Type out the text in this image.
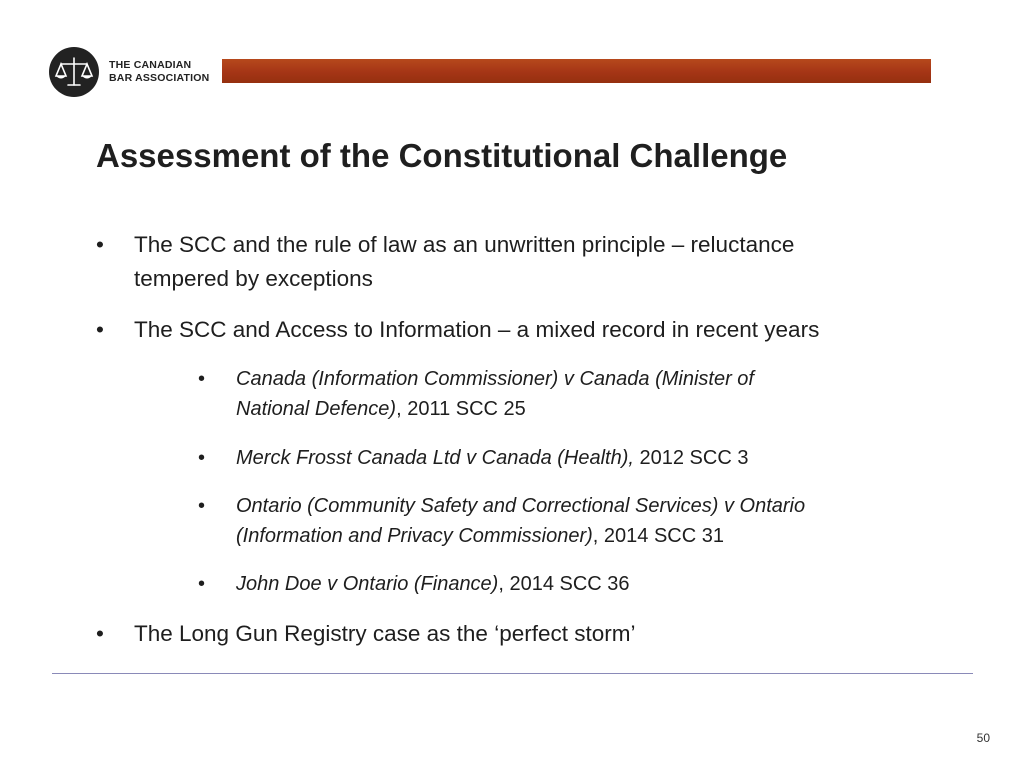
THE CANADIAN
BAR ASSOCIATION
Assessment of the Constitutional Challenge
• The SCC and the rule of law as an unwritten principle – reluctance
tempered by exceptions
• The SCC and Access to Information – a mixed record in recent years
• Canada (Information Commissioner) v Canada (Minister of
National Defence), 2011 SCC 25
• Merck Frosst Canada Ltd v Canada (Health), 2012 SCC 3
• Ontario (Community Safety and Correctional Services) v Ontario
(Information and Privacy Commissioner), 2014 SCC 31
• John Doe v Ontario (Finance), 2014 SCC 36
• The Long Gun Registry case as the ‘perfect storm’
50
